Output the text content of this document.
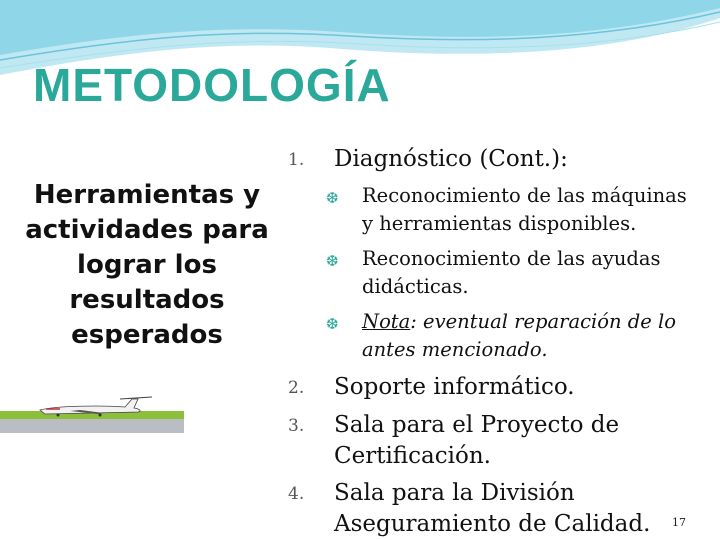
METODOLOGÍA
Herramientas y
actividades para
lograr los
resultados
esperados
1. Diagnóstico (Cont.):
❆ Reconocimiento de las máquinas
y herramientas disponibles.
❆ Reconocimiento de las ayudas
didácticas.
❆ Nota: eventual reparación de lo
antes mencionado.
2. Soporte informático.
3. Sala para el Proyecto de
Certificación.
4. Sala para la División
Aseguramiento de Calidad. 17
